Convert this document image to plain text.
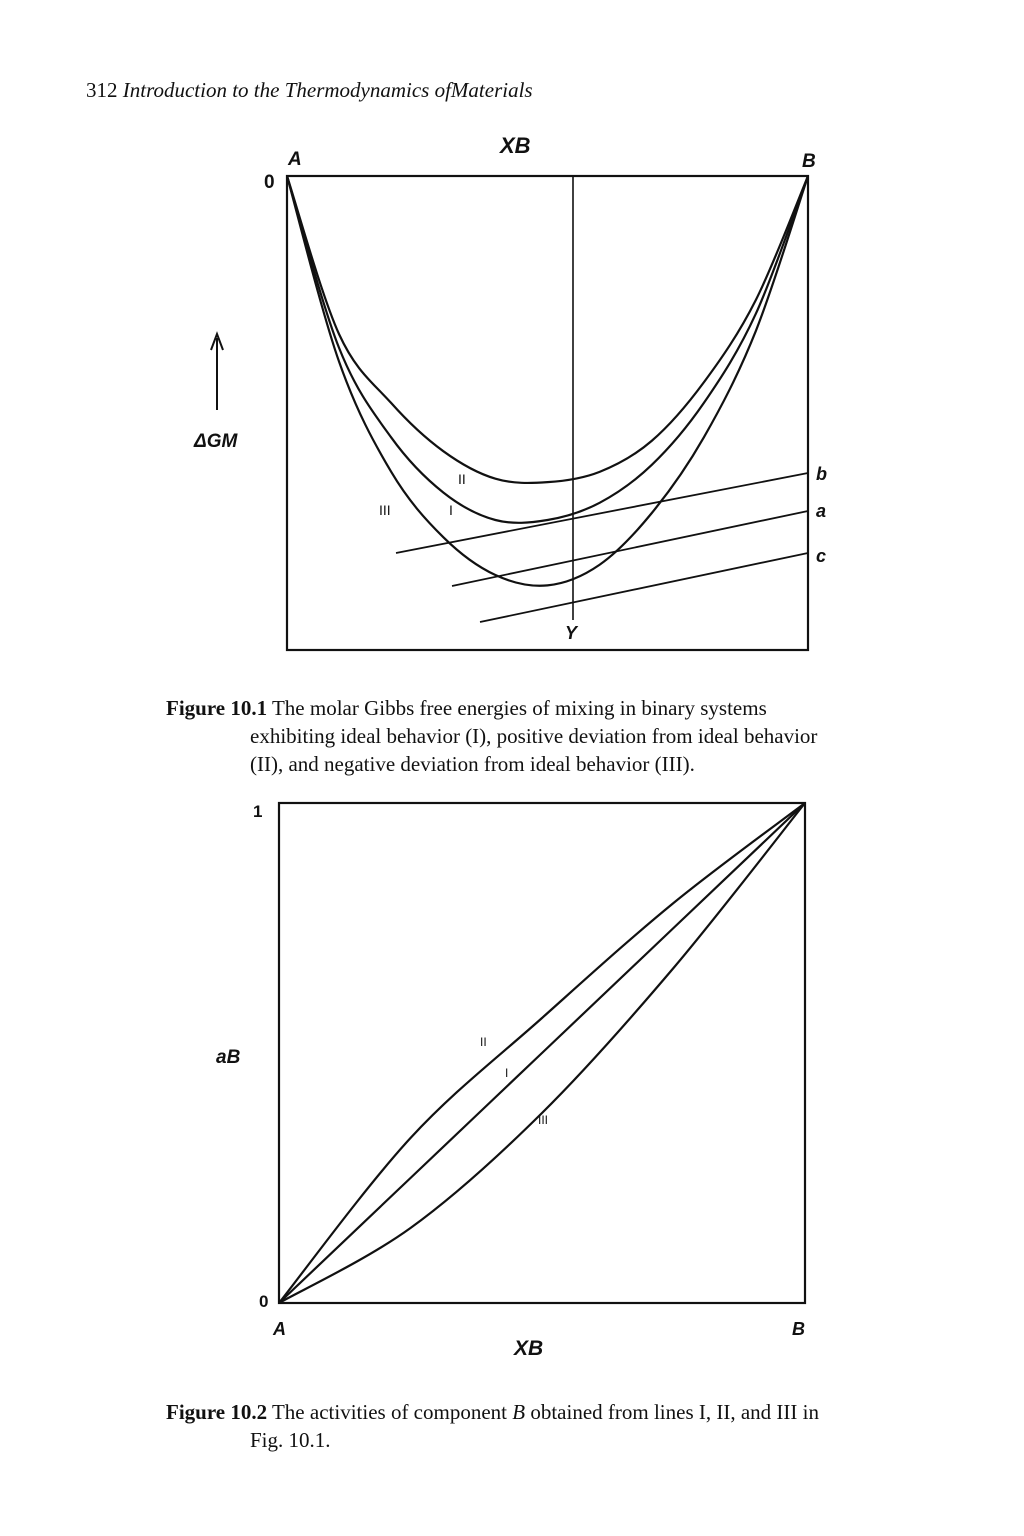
312 Introduction to the Thermodynamics ofMaterials
XB
A	B
0
ΔGM
Y
II
III	I
b
a
c
Figure 10.1 The molar Gibbs free energies of mixing in binary systems
exhibiting ideal behavior (I), positive deviation from ideal behavior
(II), and negative deviation from ideal behavior (III).
1
0
aB
XB
A	B
II
I
III
Figure 10.2 The activities of component B obtained from lines I, II, and III in
Fig. 10.1.
